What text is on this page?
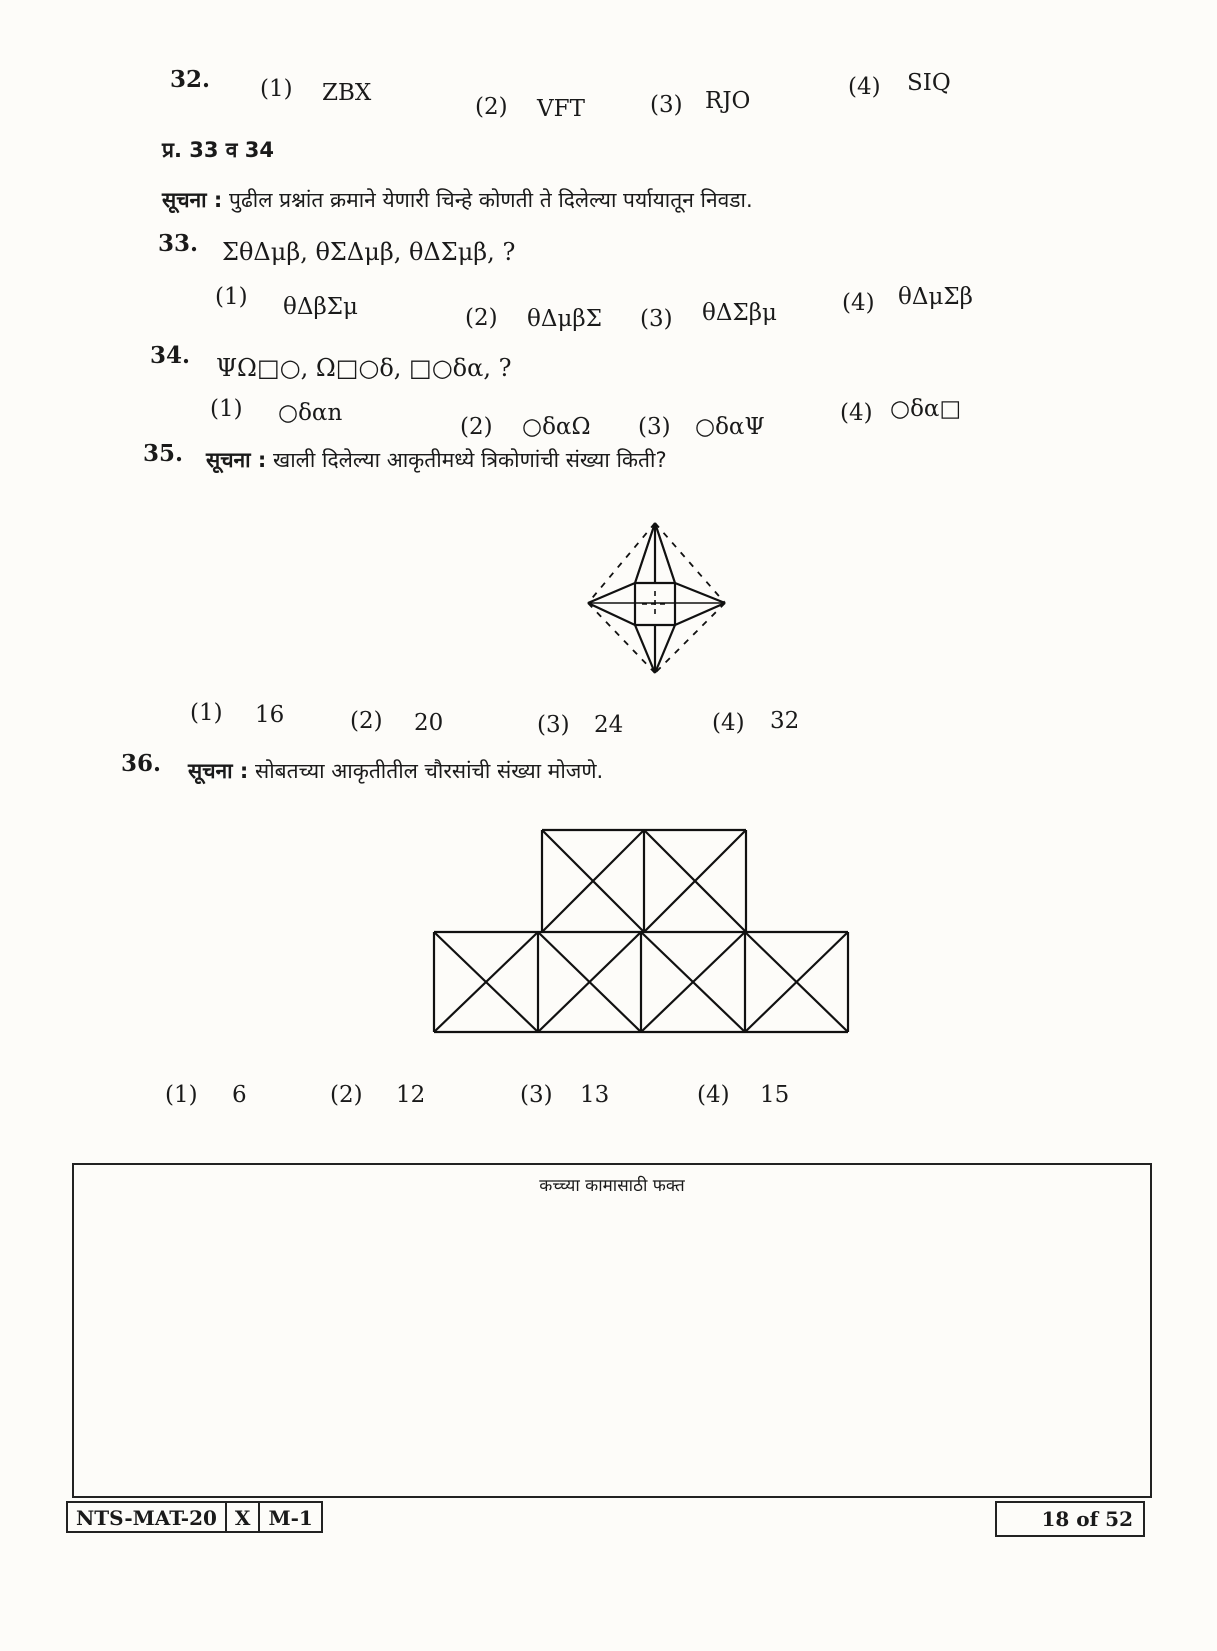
32. (1) ZBX
(2) VFT	(3) RJO
(4) SIQ
प्र. 33 व 34
सूचना : पुढील प्रश्नांत क्रमाने येणारी चिन्हे कोणती ते दिलेल्या पर्यायातून निवडा.
33. ΣθΔμβ, θΣΔμβ, θΔΣμβ, ?
(1) θΔβΣμ	(2) θΔμβΣ (3) θΔΣβμ	(4) θΔμΣβ
34. ΨΩ□○, Ω□○δ, □○δα, ?
(1) ○δαn
(2) ○δαΩ (3) ○δαΨ
(4) ○δα□
35. सूचना : खाली दिलेल्या आकृतीमध्ये त्रिकोणांची संख्या किती?
(1) 16	(2) 20	(3) 24	(4) 32
36. सूचना : सोबतच्या आकृतीतील चौरसांची संख्या मोजणे.
(1) 6	(2) 12	(3) 13	(4) 15
कच्च्या कामासाठी फक्त
NTS-MAT-20 X M-1	18 of 52
